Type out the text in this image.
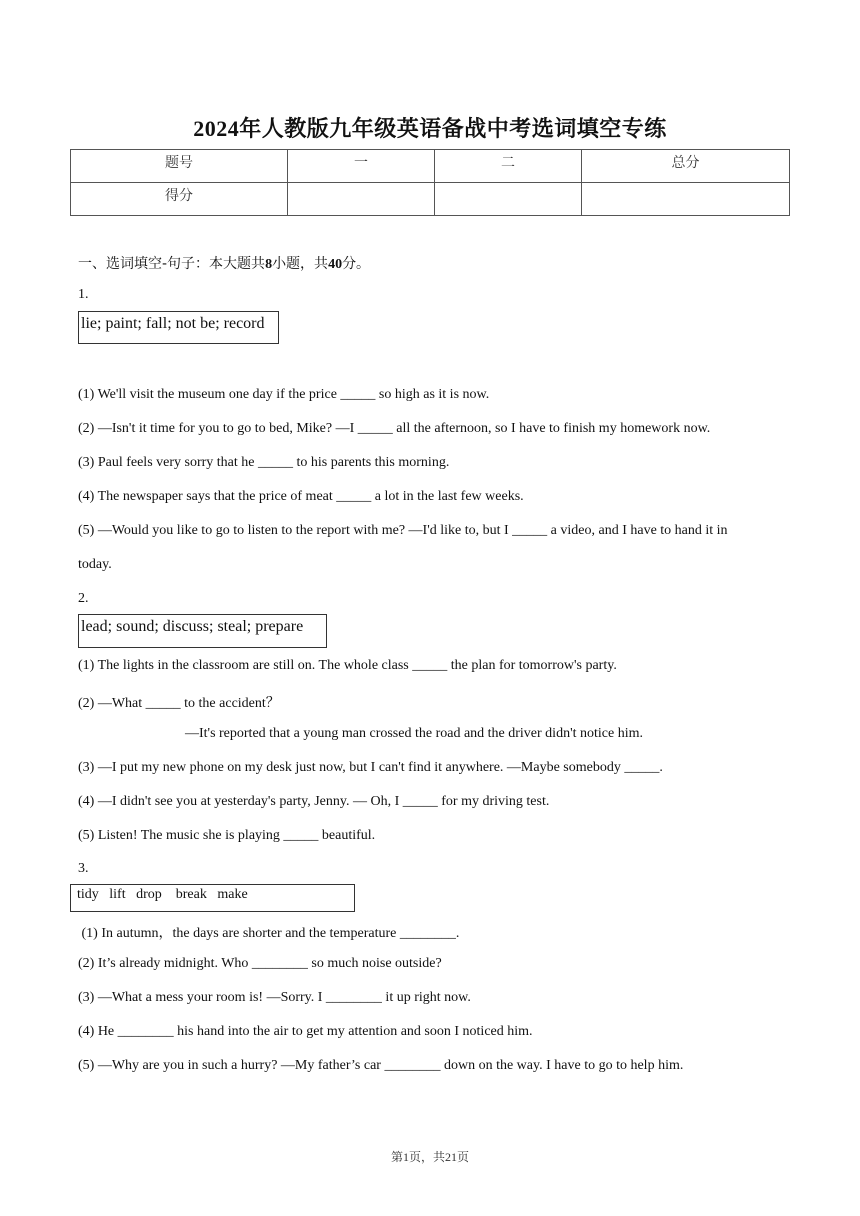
2024年人教版九年级英语备战中考选词填空专练
题号	一	二	总分
得分			
一、选词填空-句子：本大题共8小题，共40分。
1.
lie; paint; fall; not be; record
(1) We'll visit the museum one day if the price _____ so high as it is now.
(2) —Isn't it time for you to go to bed, Mike? —I _____ all the afternoon, so I have to finish my homework now.
(3) Paul feels very sorry that he _____ to his parents this morning.
(4) The newspaper says that the price of meat _____ a lot in the last few weeks.
(5) —Would you like to go to listen to the report with me? —I'd like to, but I _____ a video, and I have to hand it in
today.
2.
lead; sound; discuss; steal; prepare
(1) The lights in the classroom are still on. The whole class _____ the plan for tomorrow's party.
(2) —What _____ to the accident？
—It's reported that a young man crossed the road and the driver didn't notice him.
(3) —I put my new phone on my desk just now, but I can't find it anywhere. —Maybe somebody _____.
(4) —I didn't see you at yesterday's party, Jenny. — Oh, I _____ for my driving test.
(5) Listen! The music she is playing _____ beautiful.
3.
tidy   lift   drop    break   make
(1) In autumn，the days are shorter and the temperature ________.
(2) It’s already midnight. Who ________ so much noise outside?
(3) —What a mess your room is! —Sorry. I ________ it up right now.
(4) He ________ his hand into the air to get my attention and soon I noticed him.
(5) —Why are you in such a hurry? —My father’s car ________ down on the way. I have to go to help him.
第1页，共21页
